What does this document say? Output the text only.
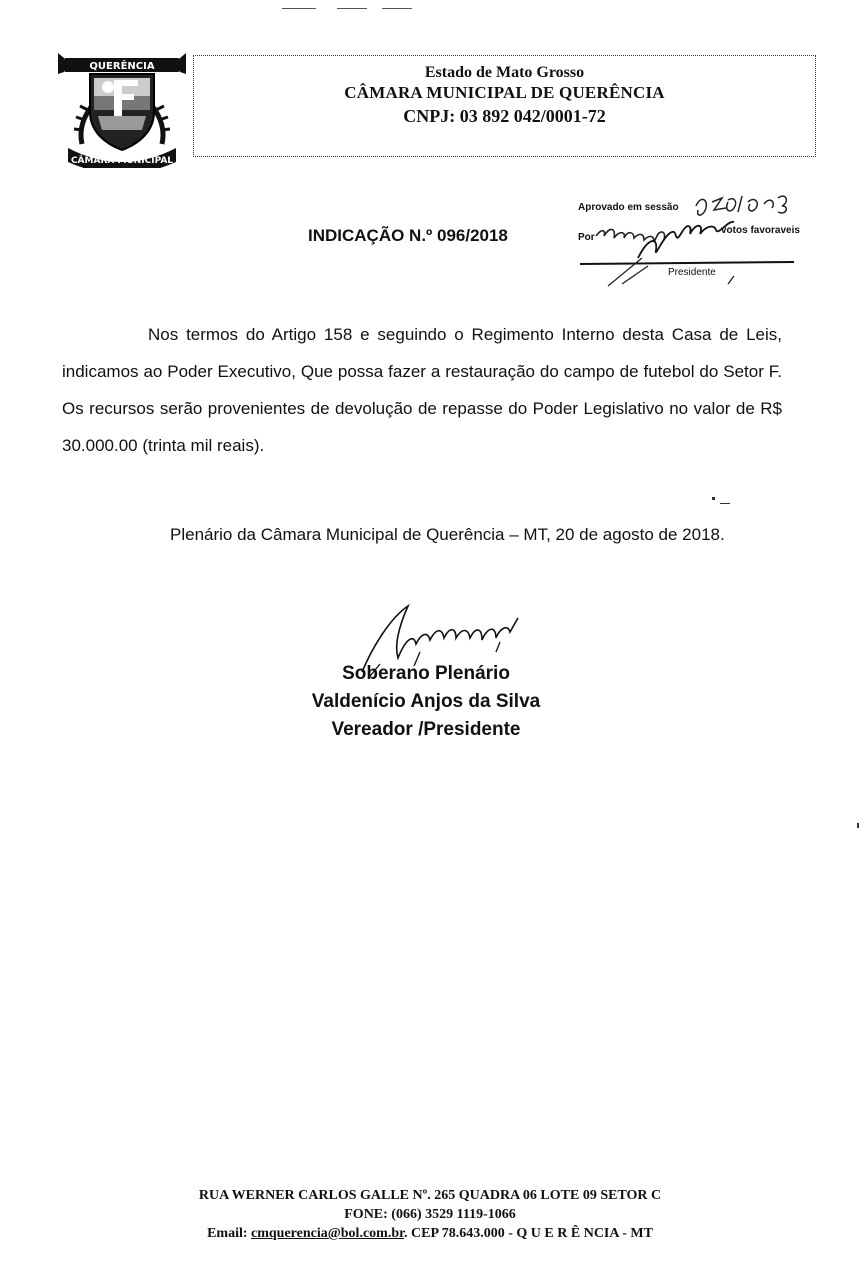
QUERÊNCIA
CÂMARA MUNICIPAL
Estado de Mato Grosso
CÂMARA MUNICIPAL DE QUERÊNCIA
CNPJ: 03 892 042/0001-72
Aprovado em sessão
Por
votos favoraveis
Presidente
INDICAÇÃO N.º 096/2018

Nos termos do Artigo 158 e seguindo o Regimento Interno desta Casa de Leis, indicamos ao Poder Executivo, Que possa fazer a restauração do campo de futebol do Setor F. Os recursos serão provenientes de devolução de repasse do Poder Legislativo no valor de R$ 30.000.00 (trinta mil reais).

Plenário da Câmara Municipal de Querência – MT, 20 de agosto de 2018.
Soberano Plenário
Valdenício Anjos da Silva
Vereador /Presidente
RUA WERNER CARLOS GALLE Nº. 265 QUADRA 06 LOTE 09 SETOR C
FONE: (066) 3529 1119-1066
Email: cmquerencia@bol.com.br. CEP 78.643.000 - Q U E R Ê NCIA - MT
